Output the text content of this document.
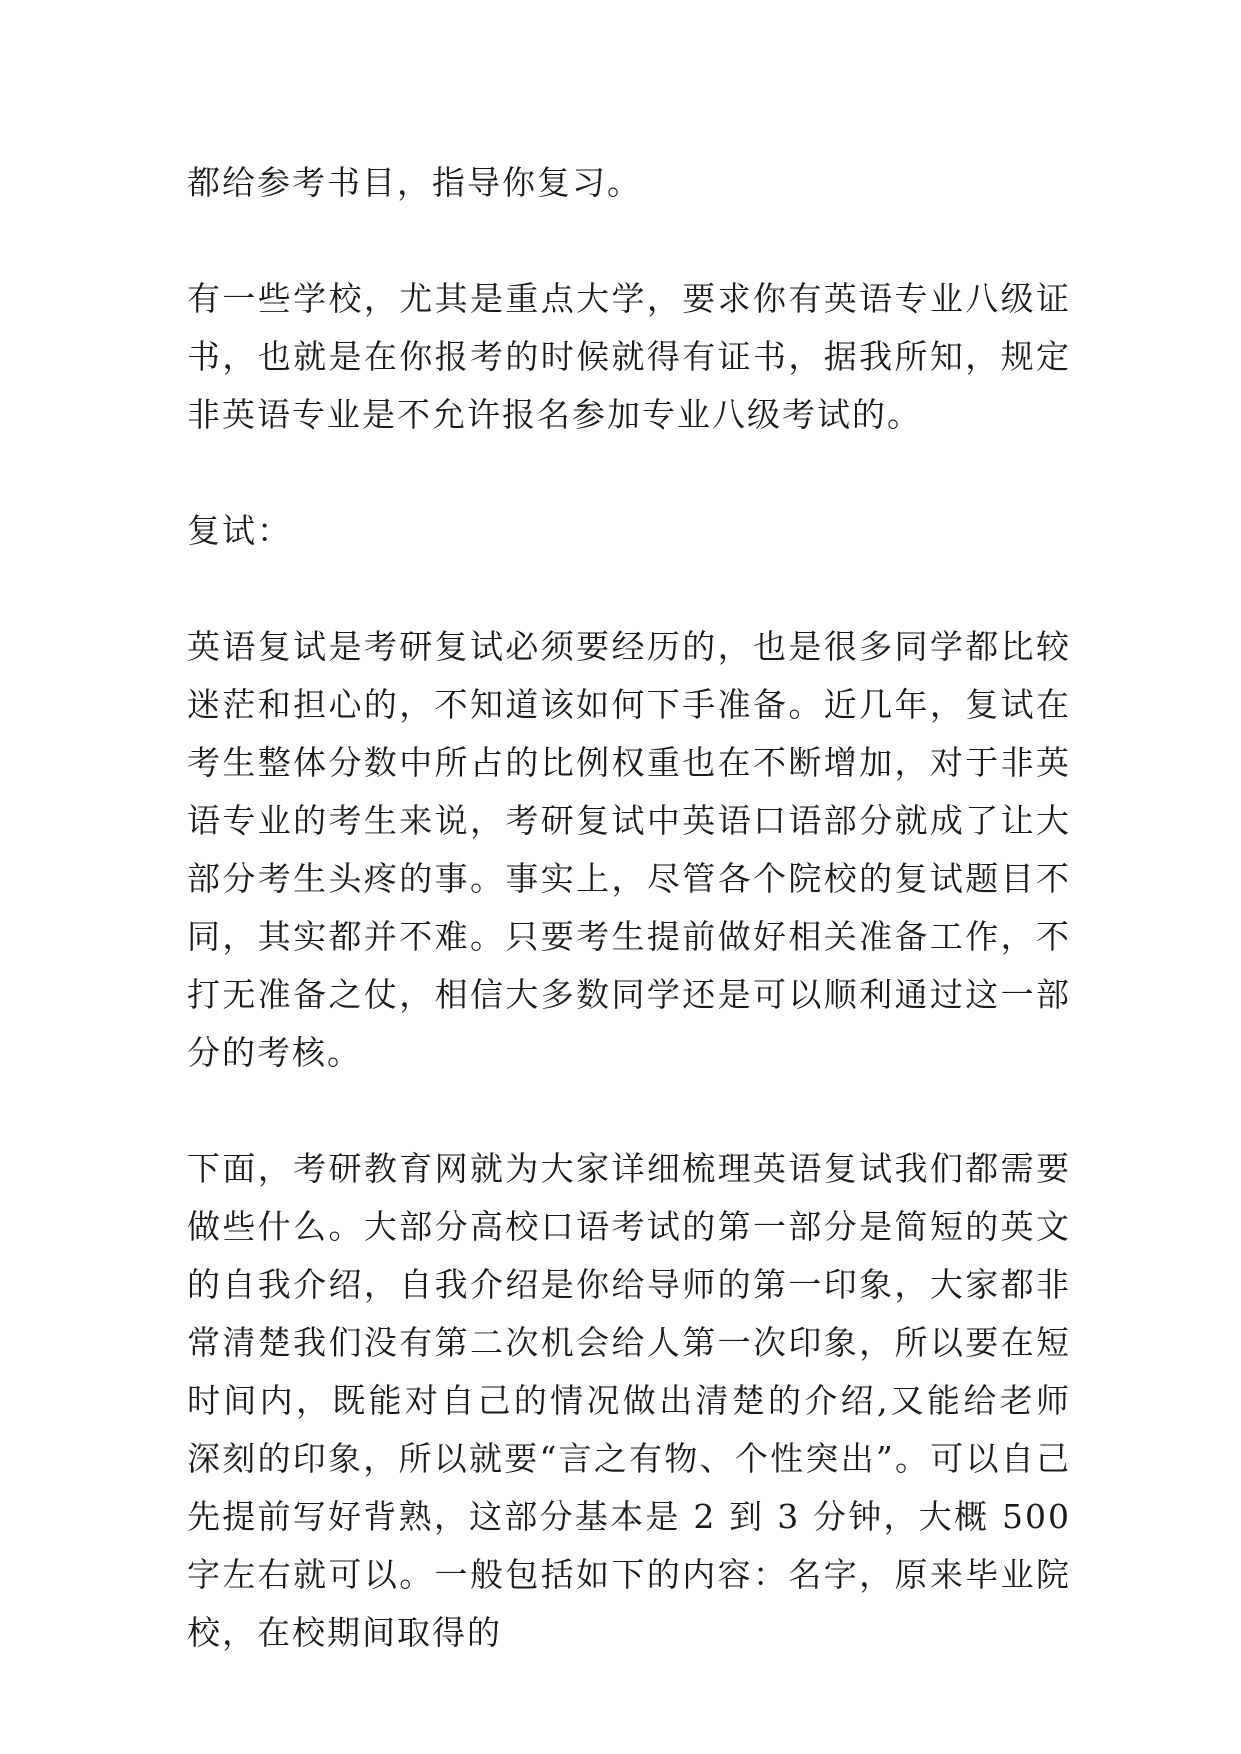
都给参考书目，指导你复习。

有一些学校，尤其是重点大学，要求你有英语专业八级证书，也就是在你报考的时候就得有证书，据我所知，规定非英语专业是不允许报名参加专业八级考试的。

复试：

英语复试是考研复试必须要经历的，也是很多同学都比较迷茫和担心的，不知道该如何下手准备。近几年，复试在考生整体分数中所占的比例权重也在不断增加，对于非英语专业的考生来说，考研复试中英语口语部分就成了让大部分考生头疼的事。事实上，尽管各个院校的复试题目不同，其实都并不难。只要考生提前做好相关准备工作，不打无准备之仗，相信大多数同学还是可以顺利通过这一部分的考核。

下面，考研教育网就为大家详细梳理英语复试我们都需要做些什么。大部分高校口语考试的第一部分是简短的英文的自我介绍，自我介绍是你给导师的第一印象，大家都非常清楚我们没有第二次机会给人第一次印象，所以要在短时间内，既能对自己的情况做出清楚的介绍,又能给老师深刻的印象，所以就要“言之有物、个性突出”。可以自己先提前写好背熟，这部分基本是 2 到 3 分钟，大概 500 字左右就可以。一般包括如下的内容：名字，原来毕业院校，在校期间取得的
